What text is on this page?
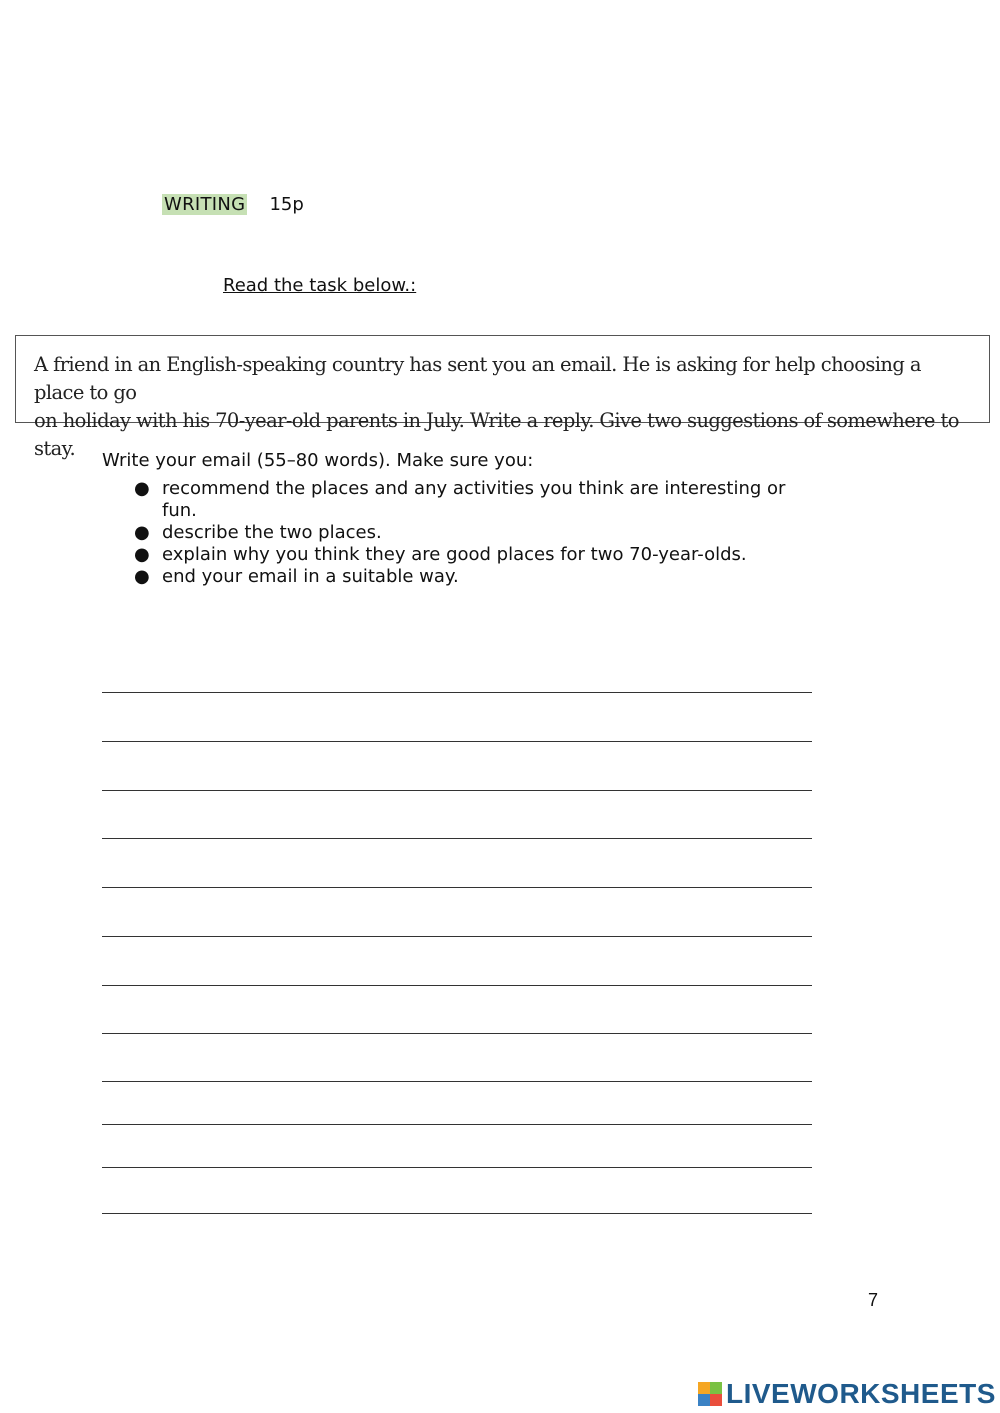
WRITING 15p
Read the task below.:
A friend in an English-speaking country has sent you an email. He is asking for help choosing a place to go
on holiday with his 70-year-old parents in July. Write a reply. Give two suggestions of somewhere to stay.
Write your email (55–80 words). Make sure you:
● recommend the places and any activities you think are interesting or fun.
● describe the two places.
● explain why you think they are good places for two 70-year-olds.
● end your email in a suitable way.
7
LIVEWORKSHEETS
